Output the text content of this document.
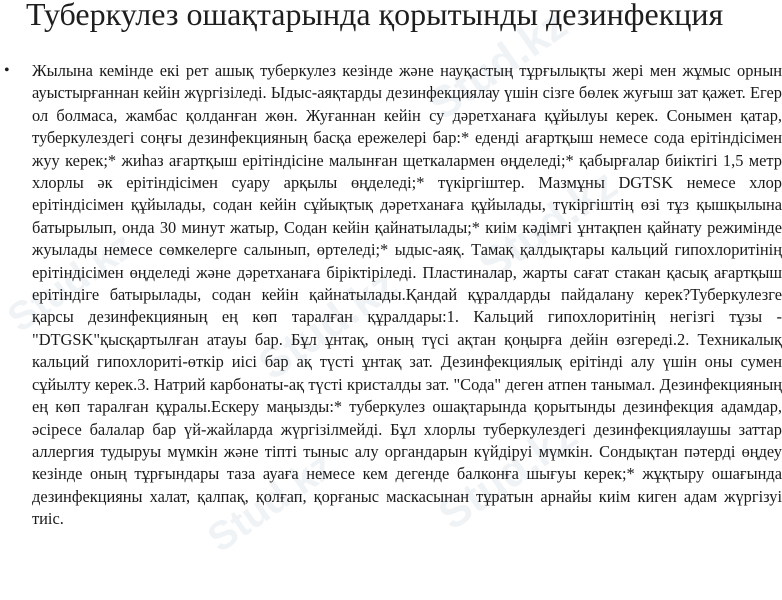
Stud.kz
Stud.kz
Stud.kz
Stud.kz
Stud.kz
Stud.kz
Туберкулез ошақтарында қорытынды дезинфекция
• Жылына кемінде екі рет ашық туберкулез кезінде және науқастың тұрғылықты жері мен жұмыс орнын ауыстырғаннан кейін жүргізіледі. Ыдыс-аяқтарды дезинфекциялау үшін сізге бөлек жуғыш зат қажет. Егер ол болмаса, жамбас қолданған жөн. Жуғаннан кейін су дәретханаға құйылуы керек. Сонымен қатар, туберкулездегі соңғы дезинфекцияның басқа ережелері бар:* еденді ағартқыш немесе сода ерітіндісімен жуу керек;* жиһаз ағартқыш ерітіндісіне малынған щеткалармен өңделеді;* қабырғалар биіктігі 1,5 метр хлорлы әк ерітіндісімен суару арқылы өңделеді;* түкіргіштер. Мазмұны DGTSK немесе хлор ерітіндісімен құйылады, содан кейін сұйықтық дәретханаға құйылады, түкіргіштің өзі тұз қышқылына батырылып, онда 30 минут жатыр, Содан кейін қайнатылады;* киім кәдімгі ұнтақпен қайнату режимінде жуылады немесе сөмкелерге салынып, өртеледі;* ыдыс-аяқ. Тамақ қалдықтары кальций гипохлоритінің ерітіндісімен өңделеді және дәретханаға біріктіріледі. Пластиналар, жарты сағат стакан қасық ағартқыш ерітіндіге батырылады, содан кейін қайнатылады.Қандай құралдарды пайдалану керек?Туберкулезге қарсы дезинфекцияның ең көп таралған құралдары:1. Кальций гипохлоритінің негізгі тұзы - "DTGSK"қысқартылған атауы бар. Бұл ұнтақ, оның түсі ақтан қоңырға дейін өзгереді.2. Техникалық кальций гипохлориті-өткір иісі бар ақ түсті ұнтақ зат. Дезинфекциялық ерітінді алу үшін оны сумен сұйылту керек.3. Натрий карбонаты-ақ түсті кристалды зат. "Сода" деген атпен танымал. Дезинфекцияның ең көп таралған құралы.Ескеру маңызды:* туберкулез ошақтарында қорытынды дезинфекция адамдар, әсіресе балалар бар үй-жайларда жүргізілмейді. Бұл хлорлы туберкулездегі дезинфекциялаушы заттар аллергия тудыруы мүмкін және тіпті тыныс алу органдарын күйдіруі мүмкін. Сондықтан пәтерді өңдеу кезінде оның тұрғындары таза ауаға немесе кем дегенде балконға шығуы керек;* жұқтыру ошағында дезинфекцияны халат, қалпақ, қолғап, қорғаныс маскасынан тұратын арнайы киім киген адам жүргізуі тиіс.
